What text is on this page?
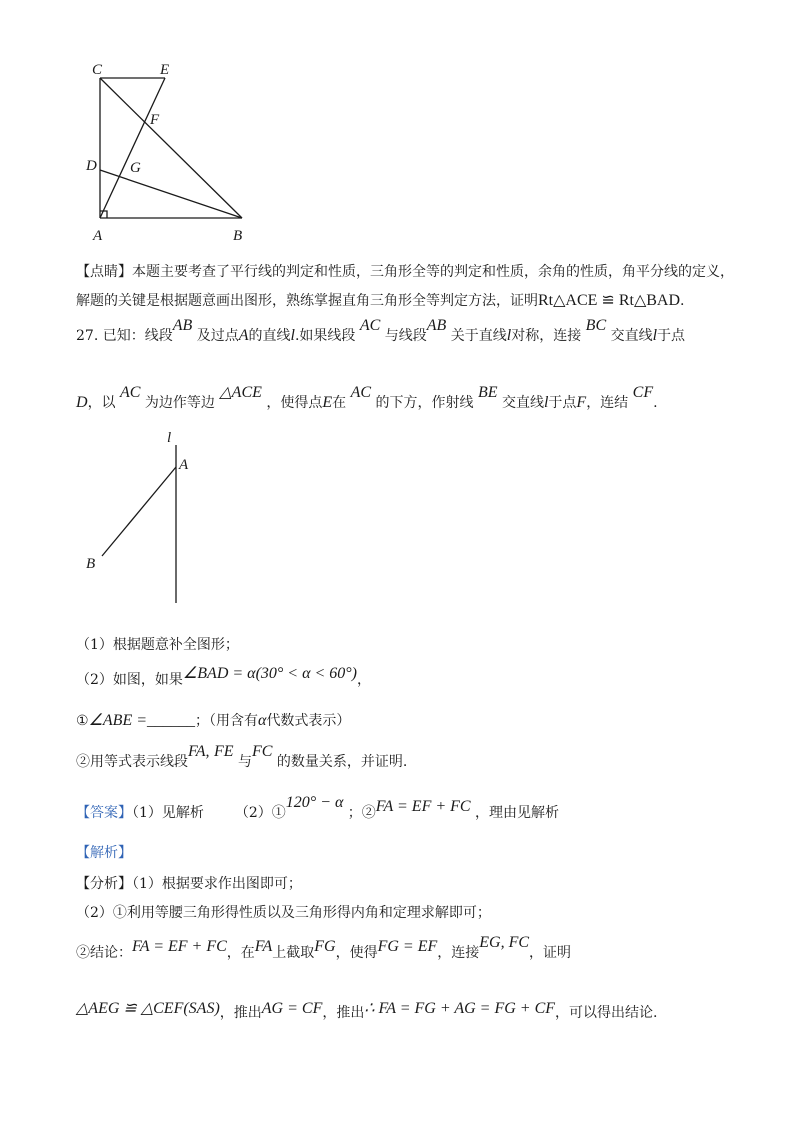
C	E
F
D G
A	B
【点睛】本题主要考查了平行线的判定和性质，三角形全等的判定和性质，余角的性质，角平分线的定义，
解题的关键是根据题意画出图形，熟练掌握直角三角形全等判定方法，证明Rt△ACE ≌ Rt△BAD.
27. 已知：线段AB 及过点A的直线l.如果线段 AC 与线段AB 关于直线l对称，连接 BC 交直线l于点
D，以 AC 为边作等边 △ACE ，使得点E在 AC 的下方，作射线 BE 交直线l于点F，连结 CF.
l
A
B
（1）根据题意补全图形；
（2）如图，如果∠BAD = α(30° < α < 60°)，
①∠ABE =______；（用含有α代数式表示）
②用等式表示线段FA, FE 与FC 的数量关系，并证明.
【答案】（1）见解析 （2）①120° − α ；②FA = EF + FC ，理由见解析
【解析】
【分析】（1）根据要求作出图即可；
（2）①利用等腰三角形得性质以及三角形得内角和定理求解即可；
②结论：FA = EF + FC，在FA上截取FG，使得FG = EF，连接EG, FC，证明
△AEG ≌ △CEF(SAS)，推出AG = CF，推出∴ FA = FG + AG = FG + CF，可以得出结论.
